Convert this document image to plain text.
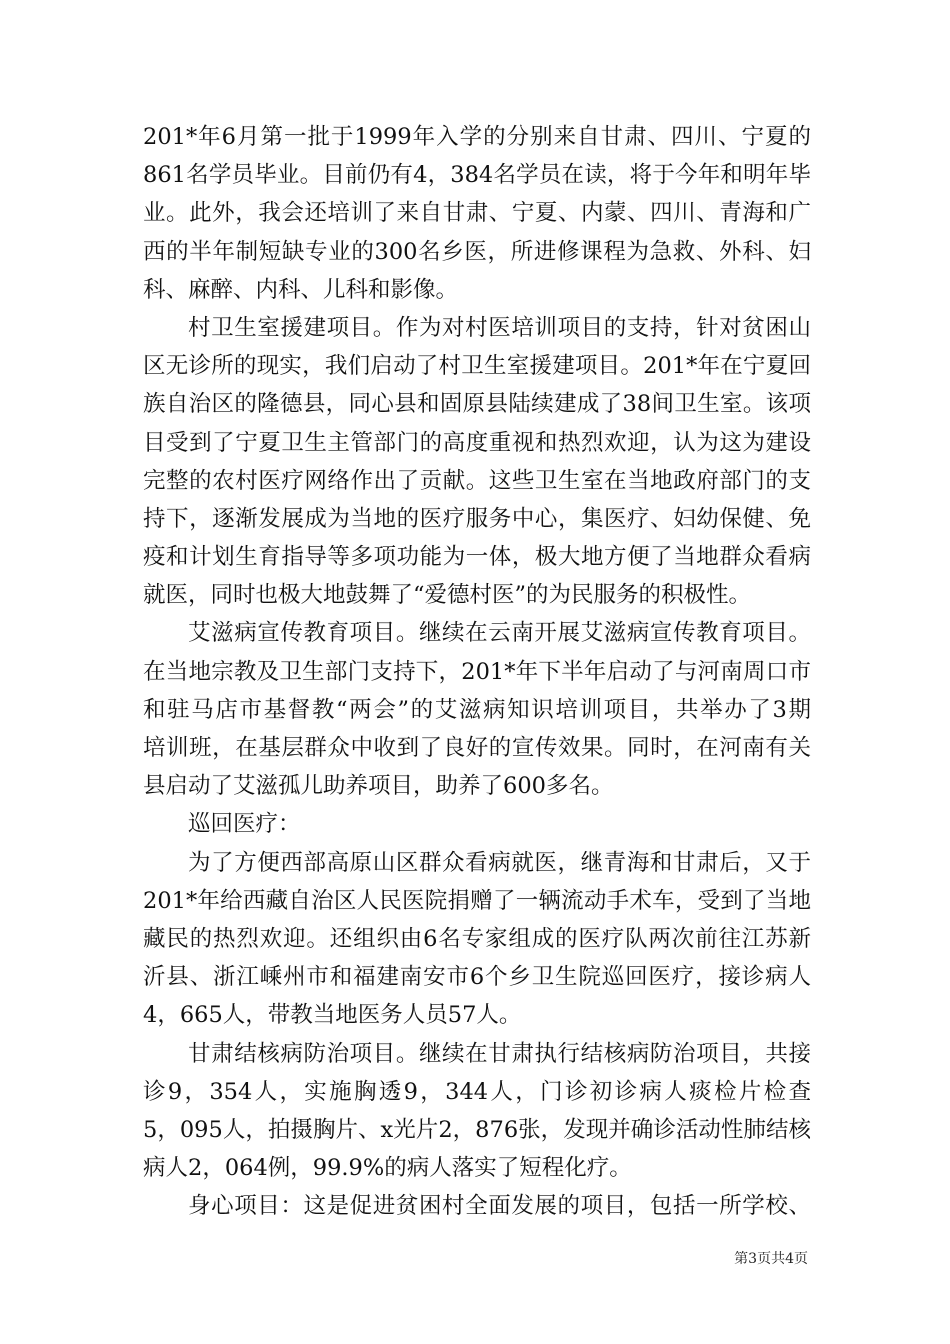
201*年6月第一批于1999年入学的分别来自甘肃、四川、宁夏的
861名学员毕业。目前仍有4，384名学员在读，将于今年和明年毕
业。此外，我会还培训了来自甘肃、宁夏、内蒙、四川、青海和广
西的半年制短缺专业的300名乡医，所进修课程为急救、外科、妇
科、麻醉、内科、儿科和影像。
村卫生室援建项目。作为对村医培训项目的支持，针对贫困山
区无诊所的现实，我们启动了村卫生室援建项目。201*年在宁夏回
族自治区的隆德县，同心县和固原县陆续建成了38间卫生室。该项
目受到了宁夏卫生主管部门的高度重视和热烈欢迎，认为这为建设
完整的农村医疗网络作出了贡献。这些卫生室在当地政府部门的支
持下，逐渐发展成为当地的医疗服务中心，集医疗、妇幼保健、免
疫和计划生育指导等多项功能为一体，极大地方便了当地群众看病
就医，同时也极大地鼓舞了“爱德村医”的为民服务的积极性。
艾滋病宣传教育项目。继续在云南开展艾滋病宣传教育项目。
在当地宗教及卫生部门支持下，201*年下半年启动了与河南周口市
和驻马店市基督教“两会”的艾滋病知识培训项目，共举办了3期
培训班，在基层群众中收到了良好的宣传效果。同时，在河南有关
县启动了艾滋孤儿助养项目，助养了600多名。
巡回医疗：
为了方便西部高原山区群众看病就医，继青海和甘肃后，又于
201*年给西藏自治区人民医院捐赠了一辆流动手术车，受到了当地
藏民的热烈欢迎。还组织由6名专家组成的医疗队两次前往江苏新
沂县、浙江嵊州市和福建南安市6个乡卫生院巡回医疗，接诊病人
4，665人，带教当地医务人员57人。
甘肃结核病防治项目。继续在甘肃执行结核病防治项目，共接
诊9，354人，实施胸透9，344人，门诊初诊病人痰检片检查
5，095人，拍摄胸片、x光片2，876张，发现并确诊活动性肺结核
病人2，064例，99.9%的病人落实了短程化疗。
身心项目：这是促进贫困村全面发展的项目，包括一所学校、
第3页共4页
